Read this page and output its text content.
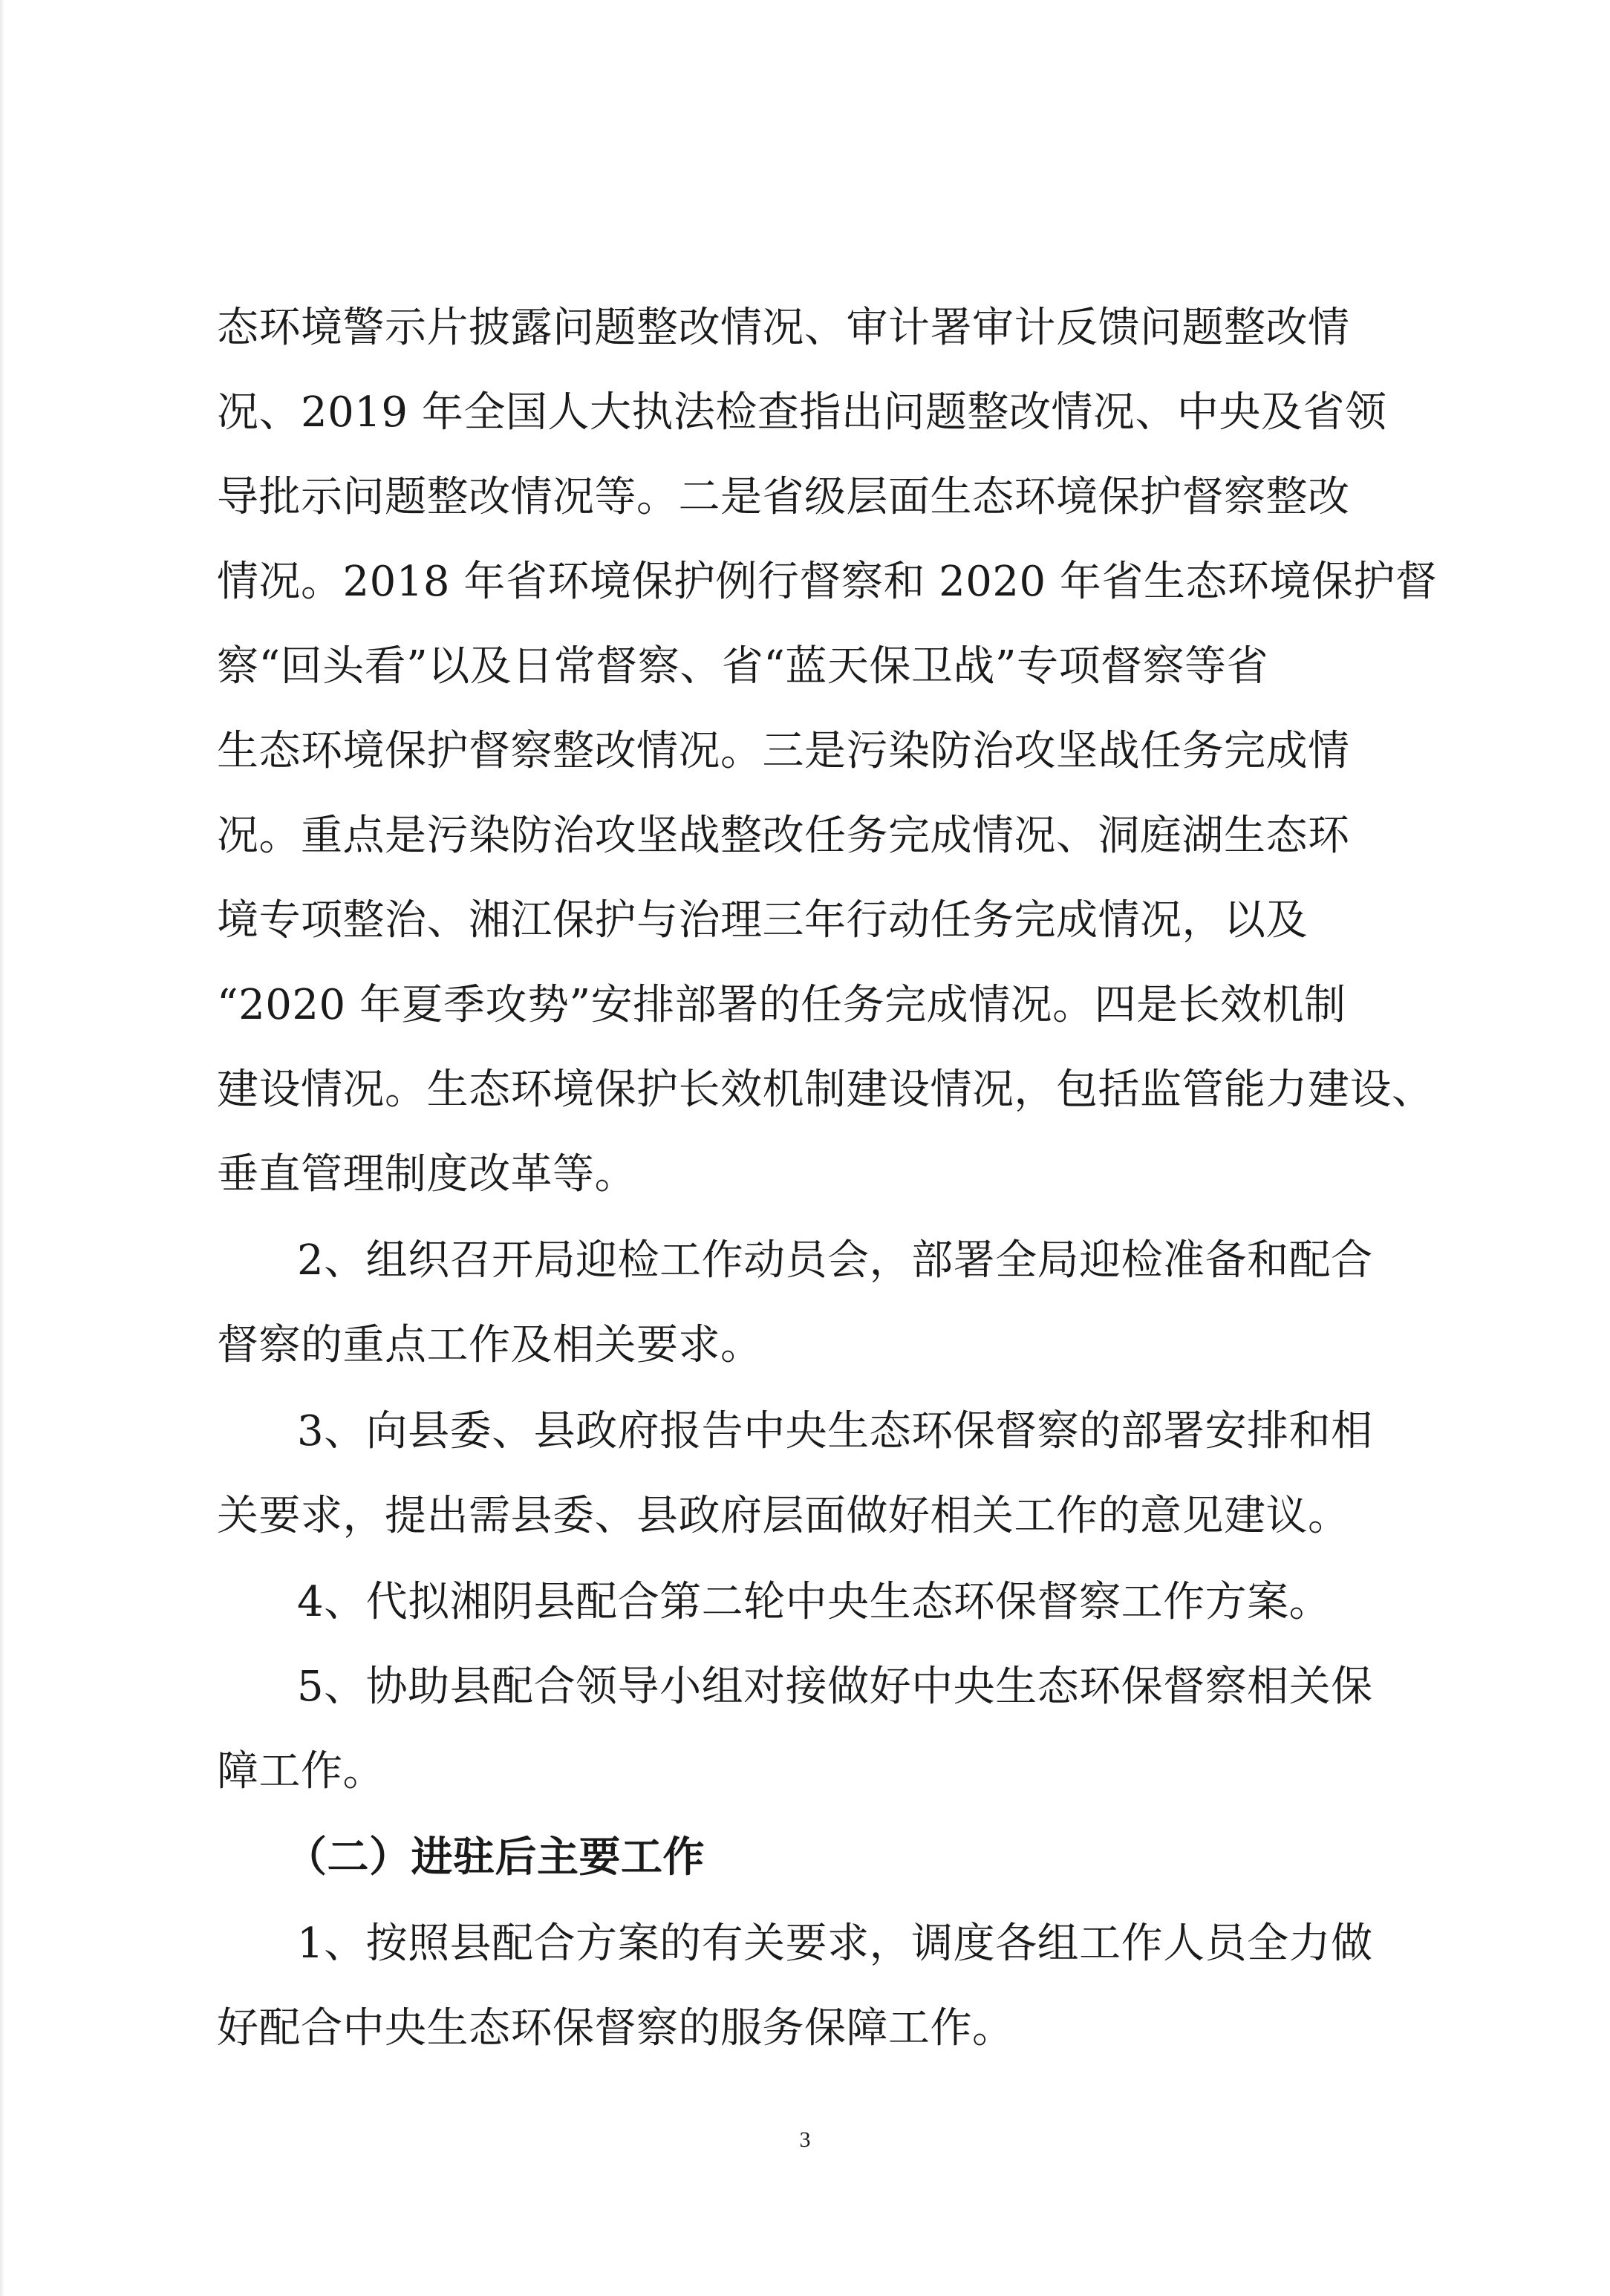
态环境警示片披露问题整改情况、审计署审计反馈问题整改情
况、2019 年全国人大执法检查指出问题整改情况、中央及省领
导批示问题整改情况等。二是省级层面生态环境保护督察整改
情况。2018 年省环境保护例行督察和 2020 年省生态环境保护督
察“回头看”以及日常督察、省“蓝天保卫战”专项督察等省
生态环境保护督察整改情况。三是污染防治攻坚战任务完成情
况。重点是污染防治攻坚战整改任务完成情况、洞庭湖生态环
境专项整治、湘江保护与治理三年行动任务完成情况，以及
“2020 年夏季攻势”安排部署的任务完成情况。四是长效机制
建设情况。生态环境保护长效机制建设情况，包括监管能力建设、
垂直管理制度改革等。
2、组织召开局迎检工作动员会，部署全局迎检准备和配合
督察的重点工作及相关要求。
3、向县委、县政府报告中央生态环保督察的部署安排和相
关要求，提出需县委、县政府层面做好相关工作的意见建议。
4、代拟湘阴县配合第二轮中央生态环保督察工作方案。
5、协助县配合领导小组对接做好中央生态环保督察相关保
障工作。
（二）进驻后主要工作
1、按照县配合方案的有关要求，调度各组工作人员全力做
好配合中央生态环保督察的服务保障工作。
3
